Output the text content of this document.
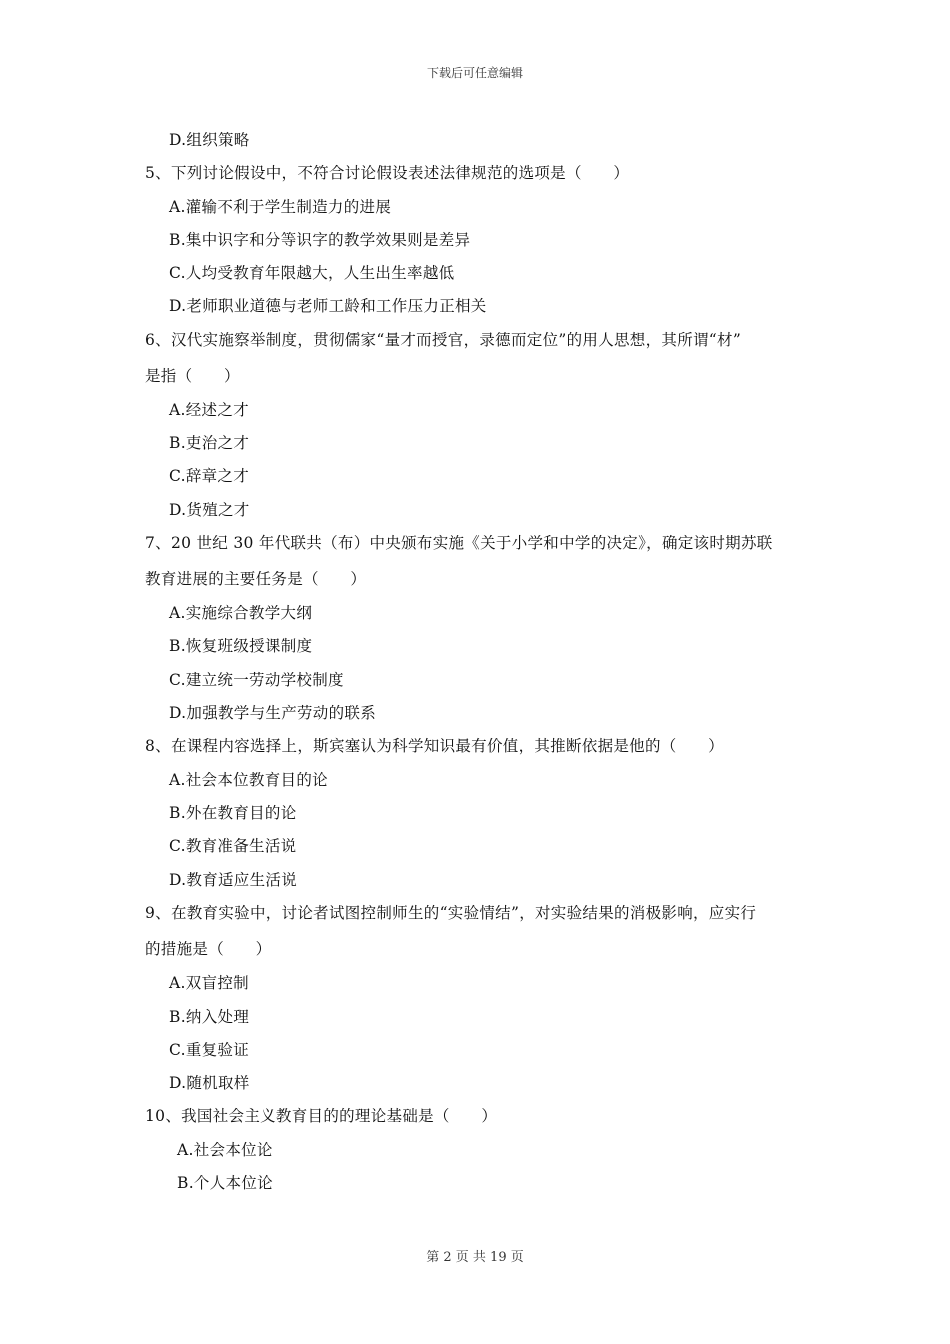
下载后可任意编辑
D.组织策略
5、下列讨论假设中，不符合讨论假设表述法律规范的选项是（　　）
A.灌输不利于学生制造力的进展
B.集中识字和分等识字的教学效果则是差异
C.人均受教育年限越大，人生出生率越低
D.老师职业道德与老师工龄和工作压力正相关
6、汉代实施察举制度，贯彻儒家“量才而授官，录德而定位”的用人思想，其所谓“材”
是指（　　）
A.经述之才
B.吏治之才
C.辞章之才
D.货殖之才
7、20 世纪 30 年代联共（布）中央颁布实施《关于小学和中学的决定》，确定该时期苏联
教育进展的主要任务是（　　）
A.实施综合教学大纲
B.恢复班级授课制度
C.建立统一劳动学校制度
D.加强教学与生产劳动的联系
8、在课程内容选择上，斯宾塞认为科学知识最有价值，其推断依据是他的（　　）
A.社会本位教育目的论
B.外在教育目的论
C.教育准备生活说
D.教育适应生活说
9、在教育实验中，讨论者试图控制师生的“实验情结”，对实验结果的消极影响，应实行
的措施是（　　）
A.双盲控制
B.纳入处理
C.重复验证
D.随机取样
10、我国社会主义教育目的的理论基础是（　　）
A.社会本位论
B.个人本位论
第 2 页 共 19 页
